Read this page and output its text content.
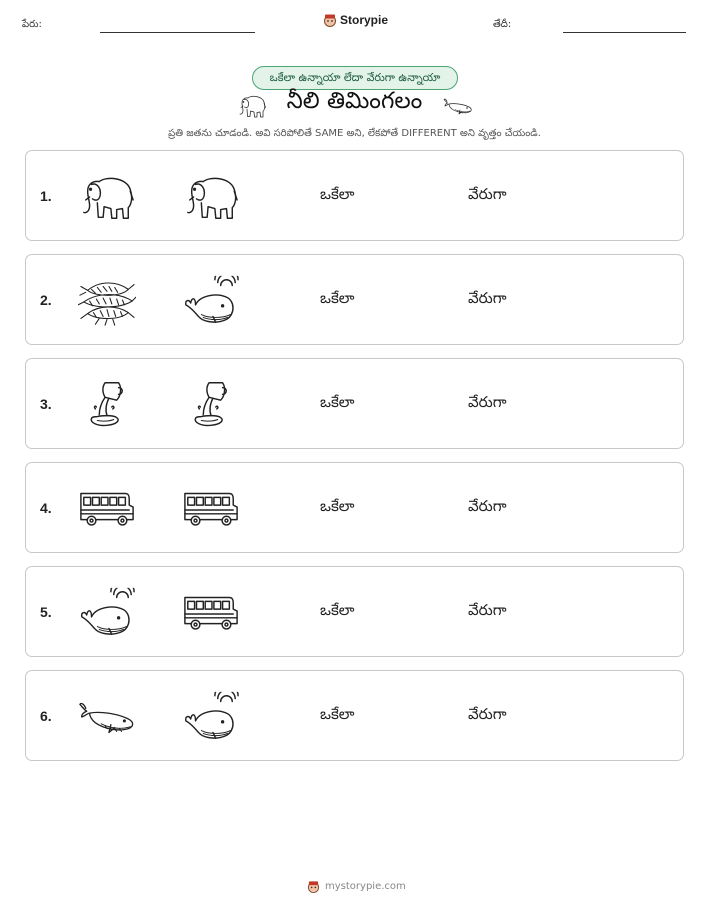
పేరు:	Storypie	తేదీ:
ఒకేలా ఉన్నాయా లేదా వేరుగా ఉన్నాయా
నీలి తిమింగలం
ప్రతి జతను చూడండి. అవి సరిపోలితే SAME అని, లేకపోతే DIFFERENT అని వృత్తం చేయండి.
1.	ఒకేలా	వేరుగా
2.	ఒకేలా	వేరుగా
3.	ఒకేలా	వేరుగా
4.	ఒకేలా	వేరుగా
5.	ఒకేలా	వేరుగా
6.	ఒకేలా	వేరుగా
mystorypie.com
